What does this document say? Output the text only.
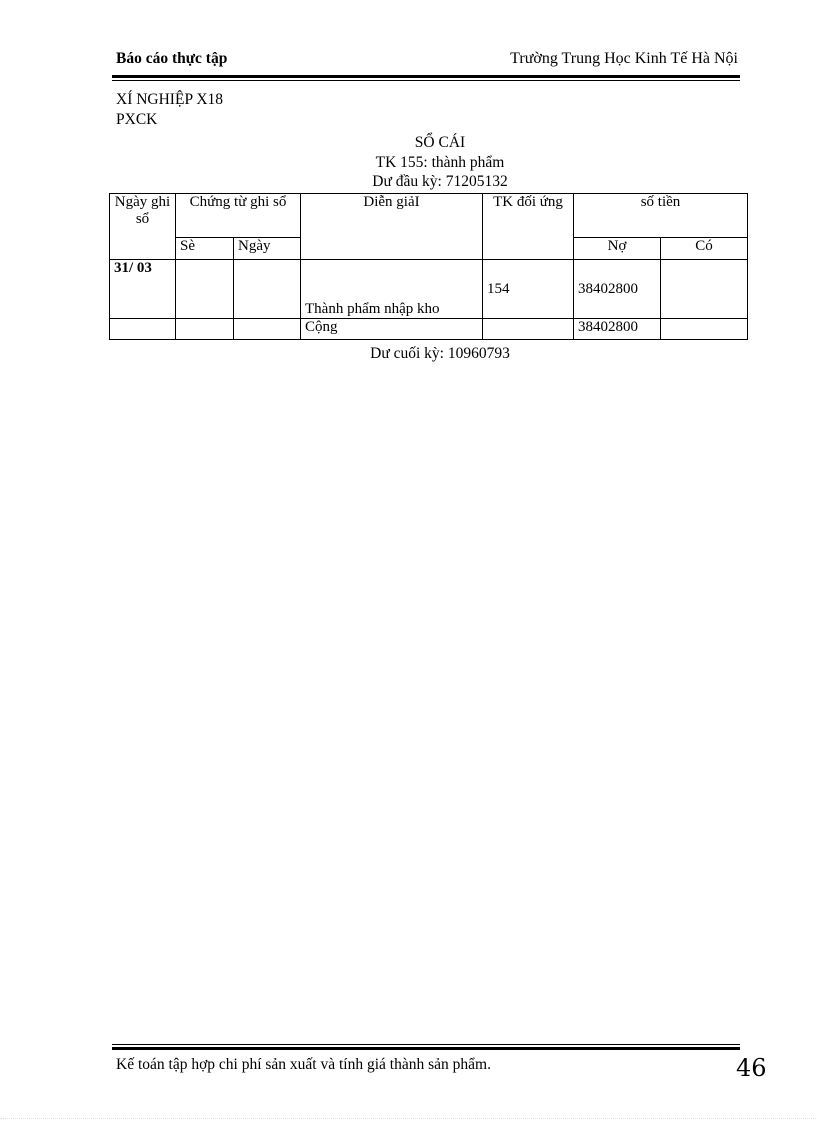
Báo cáo thực tập	Trường Trung Học Kinh Tế Hà Nội
XÍ NGHIỆP X18
PXCK
SỔ CÁI
TK 155: thành phẩm
Dư đầu kỳ: 71205132
Ngày ghi sổ	Chứng từ ghi sổ		Diễn giảI	TK đối ứng	số tiền	
	Sè	Ngày			Nợ	Có
31/ 03			Thành phẩm nhập kho	154	38402800	
			Cộng		38402800	
Dư cuối kỳ: 10960793
Kế toán tập hợp chi phí sản xuất và tính giá thành sản phẩm.	46
